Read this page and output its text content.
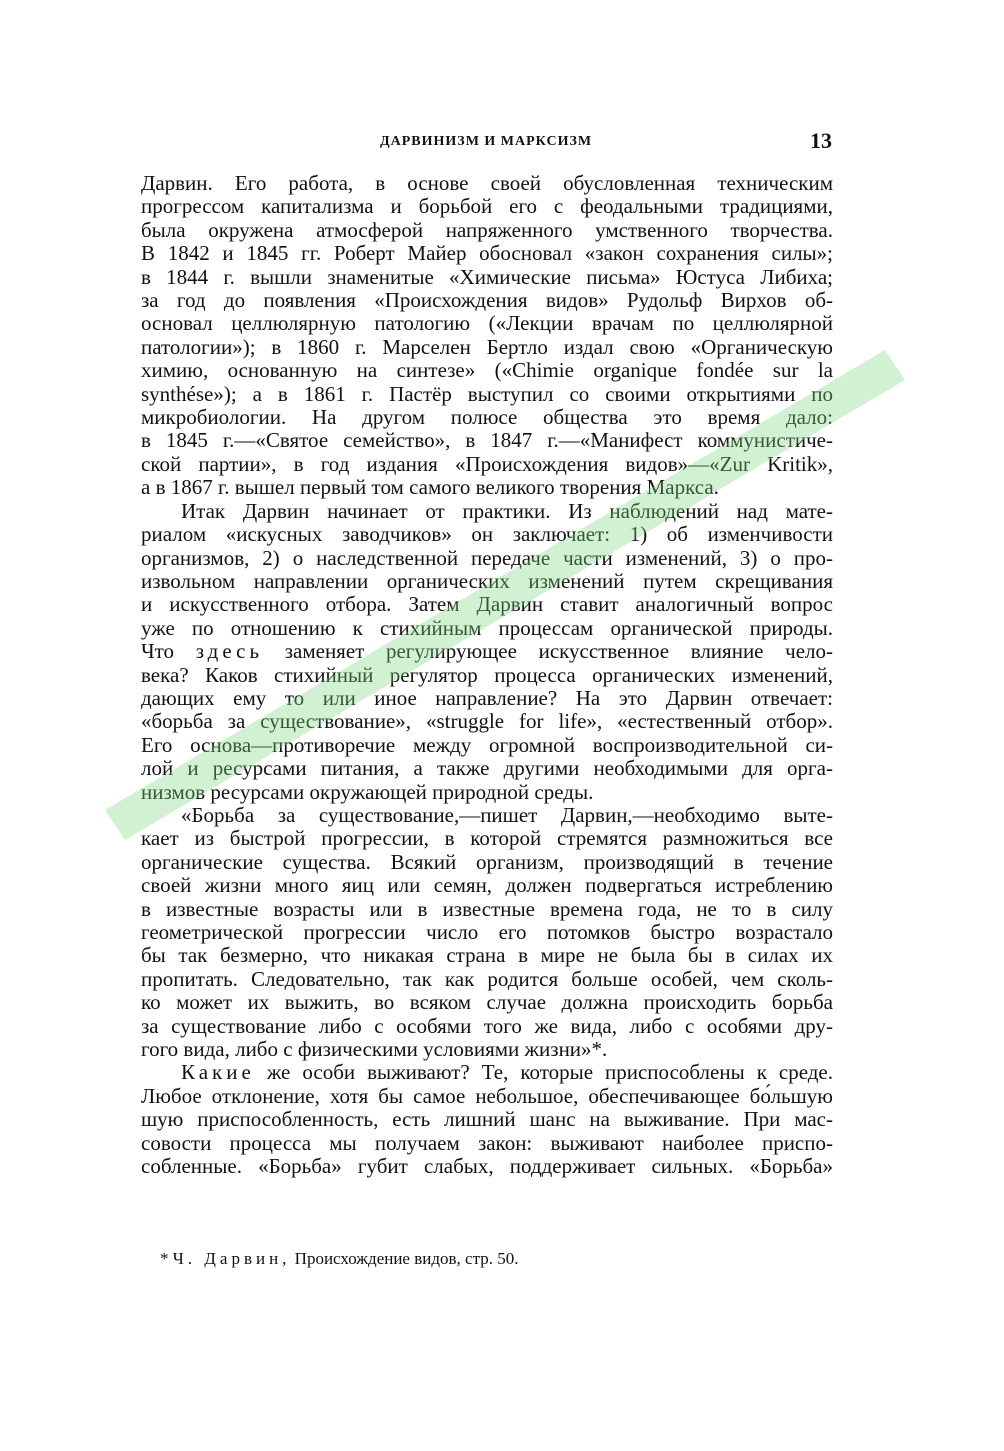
ДАРВИНИЗМ И МАРКСИЗМ	13
Дарвин. Его работа, в основе своей обусловленная техническим
прогрессом капитализма и борьбой его с феодальными традициями,
была окружена атмосферой напряженного умственного творчества.
В 1842 и 1845 гг. Роберт Майер обосновал «закон сохранения силы»;
в 1844 г. вышли знаменитые «Химические письма» Юстуса Либиха;
за год до появления «Происхождения видов» Рудольф Вирхов об-
основал целлюлярную патологию («Лекции врачам по целлюлярной
патологии»); в 1860 г. Марселен Бертло издал свою «Органическую
химию, основанную на синтезе» («Chimie organique fondée sur la
synthése»); а в 1861 г. Пастёр выступил со своими открытиями по
микробиологии. На другом полюсе общества это время дало:
в 1845 г.—«Святое семейство», в 1847 г.—«Манифест коммунистиче-
ской партии», в год издания «Происхождения видов»—«Zur Kritik»,
а в 1867 г. вышел первый том самого великого творения Маркса.
Итак Дарвин начинает от практики. Из наблюдений над мате-
риалом «искусных заводчиков» он заключает: 1) об изменчивости
организмов, 2) о наследственной передаче части изменений, 3) о про-
извольном направлении органических изменений путем скрещивания
и искусственного отбора. Затем Дарвин ставит аналогичный вопрос
уже по отношению к стихийным процессам органической природы.
Что здесь заменяет регулирующее искусственное влияние чело-
века? Каков стихийный регулятор процесса органических изменений,
дающих ему то или иное направление? На это Дарвин отвечает:
«борьба за существование», «struggle for life», «естественный отбор».
Его основа—противоречие между огромной воспроизводительной си-
лой и ресурсами питания, а также другими необходимыми для орга-
низмов ресурсами окружающей природной среды.
«Борьба за существование,—пишет Дарвин,—необходимо выте-
кает из быстрой прогрессии, в которой стремятся размножиться все
органические существа. Всякий организм, производящий в течение
своей жизни много яиц или семян, должен подвергаться истреблению
в известные возрасты или в известные времена года, не то в силу
геометрической прогрессии число его потомков быстро возрастало
бы так безмерно, что никакая страна в мире не была бы в силах их
пропитать. Следовательно, так как родится больше особей, чем сколь-
ко может их выжить, во всяком случае должна происходить борьба
за существование либо с особями того же вида, либо с особями дру-
гого вида, либо с физическими условиями жизни»*.
Какие же особи выживают? Те, которые приспособлены к среде.
Любое отклонение, хотя бы самое небольшое, обеспечивающее бо́льшую
шую приспособленность, есть лишний шанс на выживание. При мас-
совости процесса мы получаем закон: выживают наиболее приспо-
собленные. «Борьба» губит слабых, поддерживает сильных. «Борьба»
* Ч. Дарвин, Происхождение видов, стр. 50.
